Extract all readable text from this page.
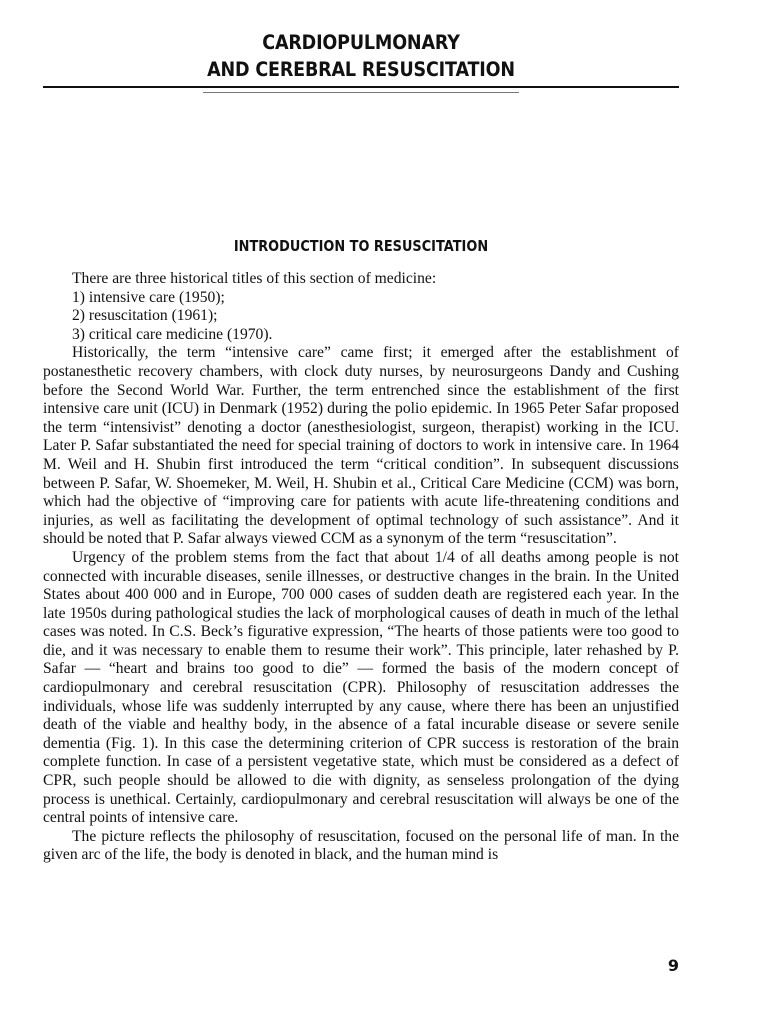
CARDIOPULMONARY
AND CEREBRAL RESUSCITATION
INTRODUCTION TO RESUSCITATION

There are three historical titles of this section of medicine:

1) intensive care (1950);
2) resuscitation (1961);
3) critical care medicine (1970).

Historically, the term “intensive care” came first; it emerged after the establishment of postanesthetic recovery chambers, with clock duty nurses, by neurosurgeons Dandy and Cushing before the Second World War. Further, the term entrenched since the establishment of the first intensive care unit (ICU) in Denmark (1952) during the polio epidemic. In 1965 Peter Safar proposed the term “intensivist” denoting a doctor (anesthesiologist, surgeon, therapist) working in the ICU. Later P. Safar substantiated the need for special training of doctors to work in intensive care. In 1964 M. Weil and H. Shubin first introduced the term “critical condition”. In subsequent discussions between P. Safar, W. Shoemeker, M. Weil, H. Shubin et al., Critical Care Medicine (CCM) was born, which had the objective of “improving care for patients with acute life-threatening conditions and injuries, as well as facilitating the development of optimal technology of such assistance”. And it should be noted that P. Safar always viewed CCM as a synonym of the term “resuscitation”.

Urgency of the problem stems from the fact that about 1/4 of all deaths among people is not connected with incurable diseases, senile illnesses, or destructive changes in the brain. In the United States about 400 000 and in Europe, 700 000 cases of sudden death are registered each year. In the late 1950s during pathological studies the lack of morphological causes of death in much of the lethal cases was noted. In C.S. Beck’s figurative expression, “The hearts of those patients were too good to die, and it was necessary to enable them to resume their work”. This principle, later rehashed by P. Safar — “heart and brains too good to die” — formed the basis of the modern concept of cardiopulmonary and cerebral resuscitation (CPR). Philosophy of resuscitation addresses the individuals, whose life was suddenly interrupted by any cause, where there has been an unjustified death of the viable and healthy body, in the absence of a fatal incurable disease or severe senile dementia (Fig. 1). In this case the determining criterion of CPR success is restoration of the brain complete function. In case of a persistent vegetative state, which must be considered as a defect of CPR, such people should be allowed to die with dignity, as senseless prolongation of the dying process is unethical. Certainly, cardiopulmonary and cerebral resuscitation will always be one of the central points of intensive care.

The picture reflects the philosophy of resuscitation, focused on the personal life of man. In the given arc of the life, the body is denoted in black, and the human mind is

9
